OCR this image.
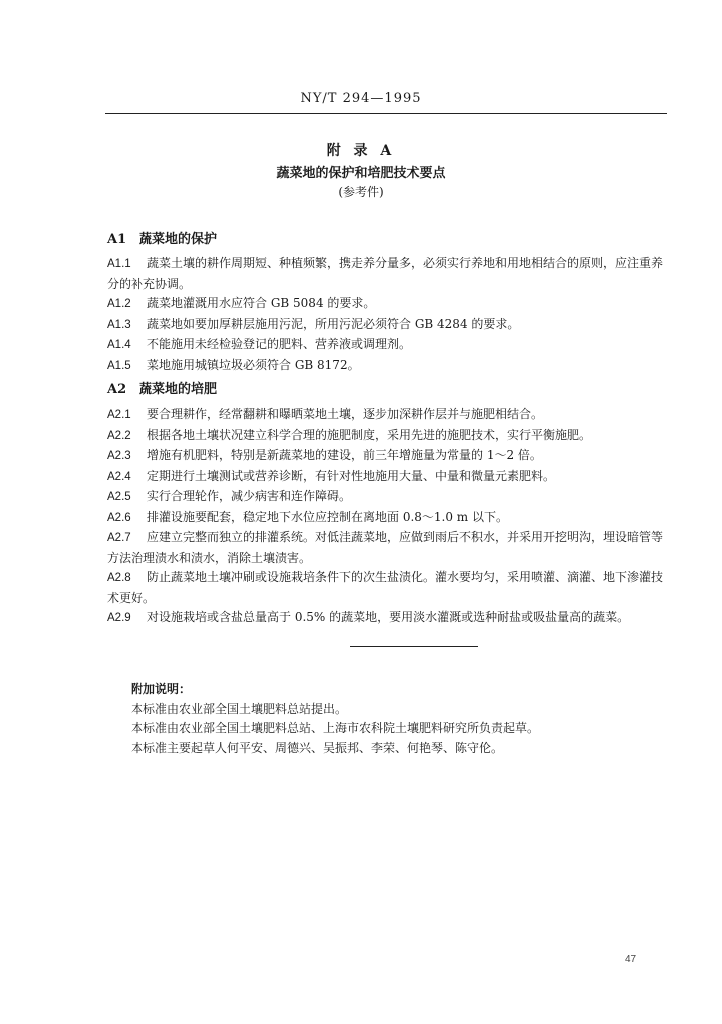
NY/T 294—1995
附 录 A
蔬菜地的保护和培肥技术要点
(参考件)
A1 蔬菜地的保护
A1.1 蔬菜土壤的耕作周期短、种植频繁，携走养分量多，必须实行养地和用地相结合的原则，应注重养分的补充协调。
A1.2 蔬菜地灌溉用水应符合 GB 5084 的要求。
A1.3 蔬菜地如要加厚耕层施用污泥，所用污泥必须符合 GB 4284 的要求。
A1.4 不能施用未经检验登记的肥料、营养液或调理剂。
A1.5 菜地施用城镇垃圾必须符合 GB 8172。
A2 蔬菜地的培肥
A2.1 要合理耕作，经常翻耕和曝晒菜地土壤，逐步加深耕作层并与施肥相结合。
A2.2 根据各地土壤状况建立科学合理的施肥制度，采用先进的施肥技术，实行平衡施肥。
A2.3 增施有机肥料，特别是新蔬菜地的建设，前三年增施量为常量的 1～2 倍。
A2.4 定期进行土壤测试或营养诊断，有针对性地施用大量、中量和微量元素肥料。
A2.5 实行合理轮作，减少病害和连作障碍。
A2.6 排灌设施要配套，稳定地下水位应控制在离地面 0.8～1.0 m 以下。
A2.7 应建立完整而独立的排灌系统。对低洼蔬菜地，应做到雨后不积水，并采用开挖明沟，埋设暗管等方法治理渍水和渍水，消除土壤渍害。
A2.8 防止蔬菜地土壤冲刷或设施栽培条件下的次生盐渍化。灌水要均匀，采用喷灌、滴灌、地下渗灌技术更好。
A2.9 对设施栽培或含盐总量高于 0.5% 的蔬菜地，要用淡水灌溉或选种耐盐或吸盐量高的蔬菜。
附加说明：
本标准由农业部全国土壤肥料总站提出。
本标准由农业部全国土壤肥料总站、上海市农科院土壤肥料研究所负责起草。
本标准主要起草人何平安、周德兴、吴振邦、李荣、何艳琴、陈守伦。
47
